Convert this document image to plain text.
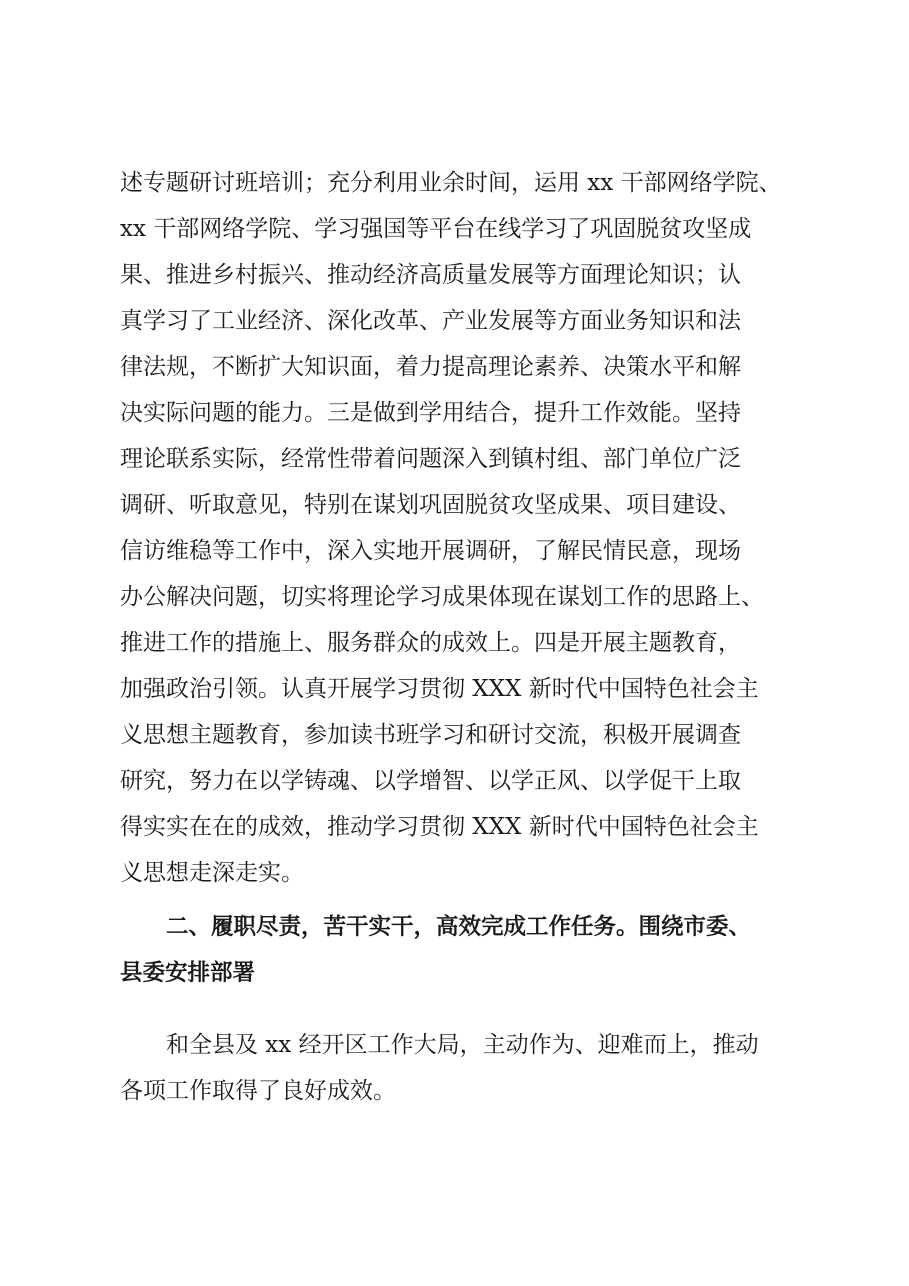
述专题研讨班培训；充分利用业余时间，运用 xx 干部网络学院、
xx 干部网络学院、学习强国等平台在线学习了巩固脱贫攻坚成
果、推进乡村振兴、推动经济高质量发展等方面理论知识；认
真学习了工业经济、深化改革、产业发展等方面业务知识和法
律法规，不断扩大知识面，着力提高理论素养、决策水平和解
决实际问题的能力。三是做到学用结合，提升工作效能。坚持
理论联系实际，经常性带着问题深入到镇村组、部门单位广泛
调研、听取意见，特别在谋划巩固脱贫攻坚成果、项目建设、
信访维稳等工作中，深入实地开展调研，了解民情民意，现场
办公解决问题，切实将理论学习成果体现在谋划工作的思路上、
推进工作的措施上、服务群众的成效上。四是开展主题教育，
加强政治引领。认真开展学习贯彻 XXX 新时代中国特色社会主
义思想主题教育，参加读书班学习和研讨交流，积极开展调查
研究，努力在以学铸魂、以学增智、以学正风、以学促干上取
得实实在在的成效，推动学习贯彻 XXX 新时代中国特色社会主
义思想走深走实。
二、履职尽责，苦干实干，高效完成工作任务。围绕市委、
县委安排部署
和全县及 xx 经开区工作大局，主动作为、迎难而上，推动
各项工作取得了良好成效。
